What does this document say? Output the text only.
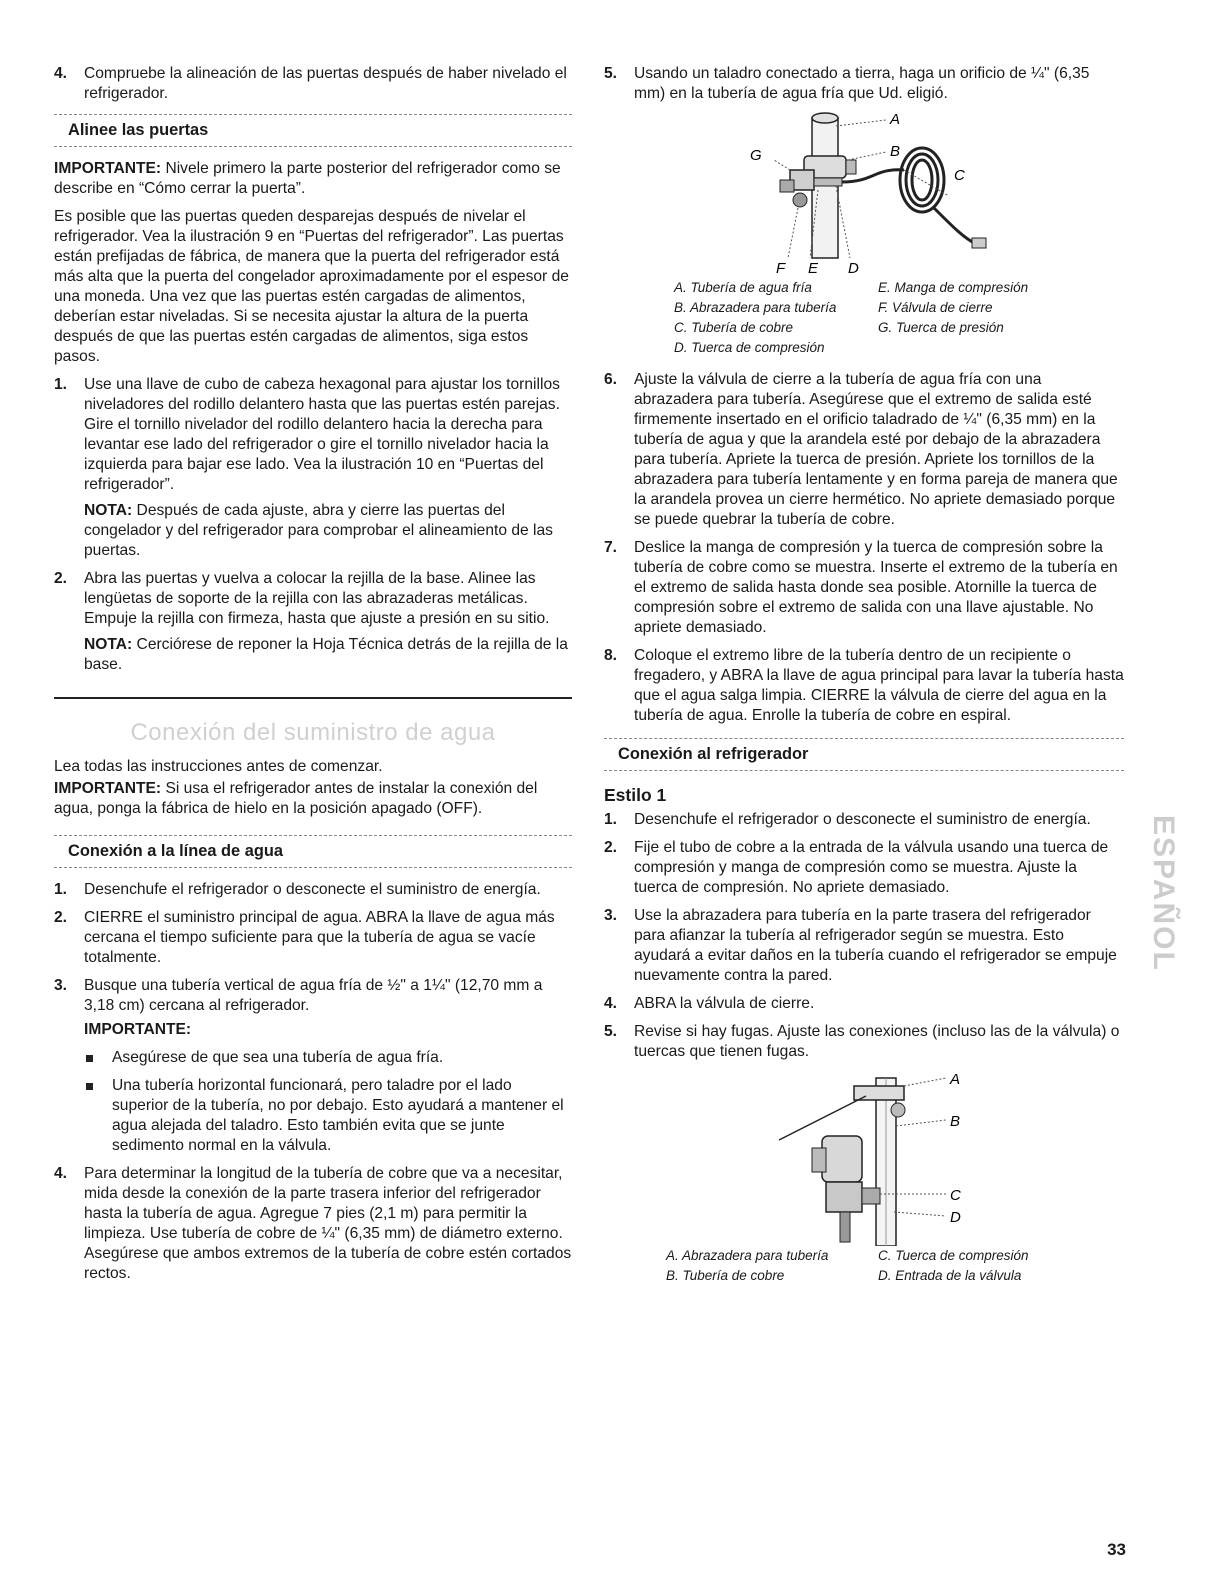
4.	Compruebe la alineación de las puertas después de haber nivelado el refrigerador.
Alinee las puertas

IMPORTANTE: Nivele primero la parte posterior del refrigerador como se describe en “Cómo cerrar la puerta”.

Es posible que las puertas queden desparejas después de nivelar el refrigerador. Vea la ilustración 9 en “Puertas del refrigerador”. Las puertas están prefijadas de fábrica, de manera que la puerta del refrigerador está más alta que la puerta del congelador aproximadamente por el espesor de una moneda. Una vez que las puertas estén cargadas de alimentos, deberían estar niveladas. Si se necesita ajustar la altura de la puerta después de que las puertas estén cargadas de alimentos, siga estos pasos.

1.	Use una llave de cubo de cabeza hexagonal para ajustar los tornillos niveladores del rodillo delantero hasta que las puertas estén parejas. Gire el tornillo nivelador del rodillo delantero hacia la derecha para levantar ese lado del refrigerador o gire el tornillo nivelador hacia la izquierda para bajar ese lado. Vea la ilustración 10 en “Puertas del refrigerador”.

NOTA: Después de cada ajuste, abra y cierre las puertas del congelador y del refrigerador para comprobar el alineamiento de las puertas.

2.	Abra las puertas y vuelva a colocar la rejilla de la base. Alinee las lengüetas de soporte de la rejilla con las abrazaderas metálicas. Empuje la rejilla con firmeza, hasta que ajuste a presión en su sitio.

NOTA: Cerciórese de reponer la Hoja Técnica detrás de la rejilla de la base.

Conexión del suministro de agua

Lea todas las instrucciones antes de comenzar.

IMPORTANTE: Si usa el refrigerador antes de instalar la conexión del agua, ponga la fábrica de hielo en la posición apagado (OFF).

Conexión a la línea de agua
1.	Desenchufe el refrigerador o desconecte el suministro de energía.
2.	CIERRE el suministro principal de agua. ABRA la llave de agua más cercana el tiempo suficiente para que la tubería de agua se vacíe totalmente.
3.	Busque una tubería vertical de agua fría de ½" a 1¼" (12,70 mm a 3,18 cm) cercana al refrigerador.
IMPORTANTE:
Asegúrese de que sea una tubería de agua fría.
Una tubería horizontal funcionará, pero taladre por el lado superior de la tubería, no por debajo. Esto ayudará a mantener el agua alejada del taladro. Esto también evita que se junte sedimento normal en la válvula.
4.	Para determinar la longitud de la tubería de cobre que va a necesitar, mida desde la conexión de la parte trasera inferior del refrigerador hasta la tubería de agua. Agregue 7 pies (2,1 m) para permitir la limpieza. Use tubería de cobre de ¼" (6,35 mm) de diámetro externo. Asegúrese que ambos extremos de la tubería de cobre estén cortados rectos.
5.	Usando un taladro conectado a tierra, haga un orificio de ¼" (6,35 mm) en la tubería de agua fría que Ud. eligió.
A
B
C
D
E
F
G
A. Tubería de agua fría	E. Manga de compresión
B. Abrazadera para tubería	F. Válvula de cierre
C. Tubería de cobre	G. Tuerca de presión
D. Tuerca de compresión
6.	Ajuste la válvula de cierre a la tubería de agua fría con una abrazadera para tubería. Asegúrese que el extremo de salida esté firmemente insertado en el orificio taladrado de ¼" (6,35 mm) en la tubería de agua y que la arandela esté por debajo de la abrazadera para tubería. Apriete la tuerca de presión. Apriete los tornillos de la abrazadera para tubería lentamente y en forma pareja de manera que la arandela provea un cierre hermético. No apriete demasiado porque se puede quebrar la tubería de cobre.
7.	Deslice la manga de compresión y la tuerca de compresión sobre la tubería de cobre como se muestra. Inserte el extremo de la tubería en el extremo de salida hasta donde sea posible. Atornille la tuerca de compresión sobre el extremo de salida con una llave ajustable. No apriete demasiado.
8.	Coloque el extremo libre de la tubería dentro de un recipiente o fregadero, y ABRA la llave de agua principal para lavar la tubería hasta que el agua salga limpia. CIERRE la válvula de cierre del agua en la tubería de agua. Enrolle la tubería de cobre en espiral.
Conexión al refrigerador
Estilo 1
1.	Desenchufe el refrigerador o desconecte el suministro de energía.
2.	Fije el tubo de cobre a la entrada de la válvula usando una tuerca de compresión y manga de compresión como se muestra. Ajuste la tuerca de compresión. No apriete demasiado.
3.	Use la abrazadera para tubería en la parte trasera del refrigerador para afianzar la tubería al refrigerador según se muestra. Esto ayudará a evitar daños en la tubería cuando el refrigerador se empuje nuevamente contra la pared.
4.	ABRA la válvula de cierre.
5.	Revise si hay fugas. Ajuste las conexiones (incluso las de la válvula) o tuercas que tienen fugas.
A
B
C
D
A. Abrazadera para tubería	C. Tuerca de compresión
B. Tubería de cobre	D. Entrada de la válvula
ESPAÑOL
33
